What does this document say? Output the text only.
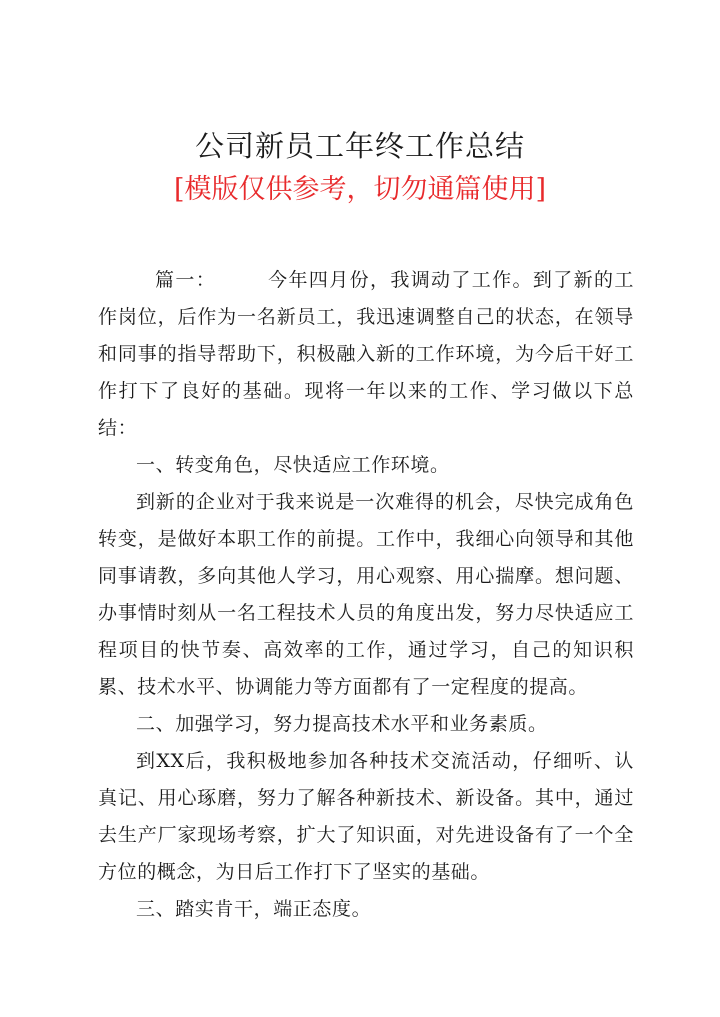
公司新员工年终工作总结
[模版仅供参考，切勿通篇使用]

篇一：	今年四月份，我调动了工作。到了新的工作岗位，后作为一名新员工，我迅速调整自己的状态，在领导和同事的指导帮助下，积极融入新的工作环境，为今后干好工作打下了良好的基础。现将一年以来的工作、学习做以下总结：

一、转变角色，尽快适应工作环境。

到新的企业对于我来说是一次难得的机会，尽快完成角色转变，是做好本职工作的前提。工作中，我细心向领导和其他同事请教，多向其他人学习，用心观察、用心揣摩。想问题、办事情时刻从一名工程技术人员的角度出发，努力尽快适应工程项目的快节奏、高效率的工作，通过学习，自己的知识积累、技术水平、协调能力等方面都有了一定程度的提高。

二、加强学习，努力提高技术水平和业务素质。

到XX后，我积极地参加各种技术交流活动，仔细听、认真记、用心琢磨，努力了解各种新技术、新设备。其中，通过去生产厂家现场考察，扩大了知识面，对先进设备有了一个全方位的概念，为日后工作打下了坚实的基础。

三、踏实肯干，端正态度。
